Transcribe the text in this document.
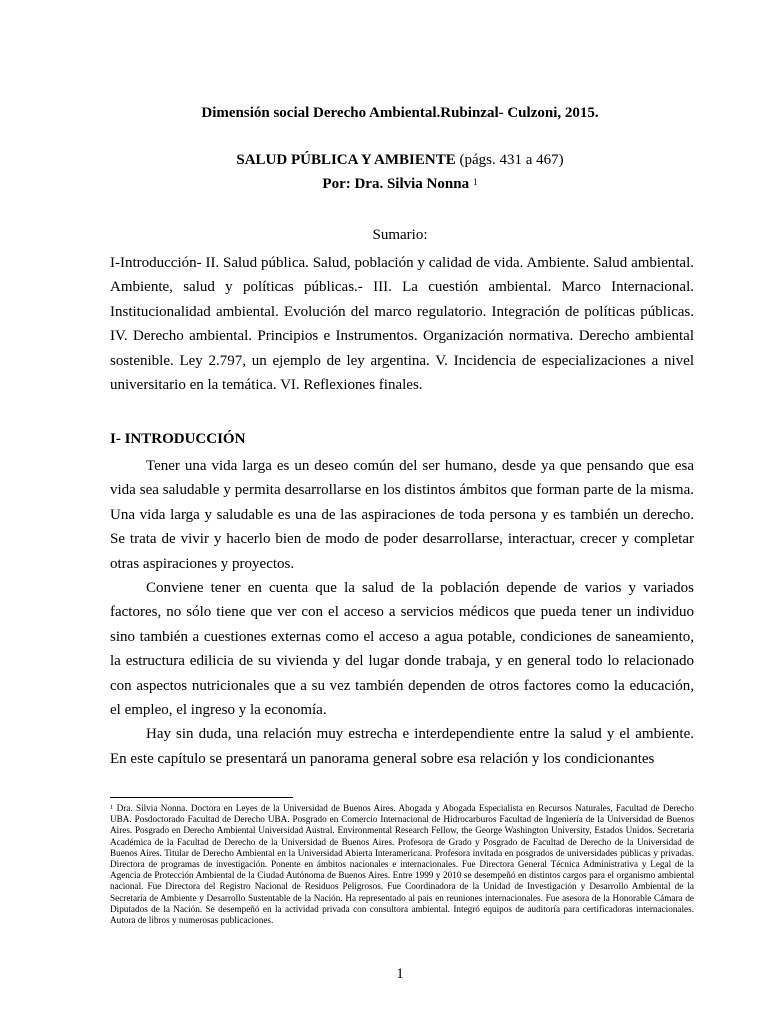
Dimensión social Derecho Ambiental.Rubinzal- Culzoni, 2015.
SALUD PÚBLICA Y AMBIENTE (págs. 431 a 467)
Por: Dra. Silvia Nonna $^1$
Sumario:
I-Introducción- II. Salud pública. Salud, población y calidad de vida. Ambiente. Salud ambiental. Ambiente, salud y políticas públicas.- III. La cuestión ambiental. Marco Internacional. Institucionalidad ambiental. Evolución del marco regulatorio. Integración de políticas públicas. IV. Derecho ambiental. Principios e Instrumentos. Organización normativa. Derecho ambiental sostenible. Ley 2.797, un ejemplo de ley argentina. V. Incidencia de especializaciones a nivel universitario en la temática. VI. Reflexiones finales.
I- INTRODUCCIÓN

Tener una vida larga es un deseo común del ser humano, desde ya que pensando que esa vida sea saludable y permita desarrollarse en los distintos ámbitos que forman parte de la misma. Una vida larga y saludable es una de las aspiraciones de toda persona y es también un derecho. Se trata de vivir y hacerlo bien de modo de poder desarrollarse, interactuar, crecer y completar otras aspiraciones y proyectos.

Conviene tener en cuenta que la salud de la población depende de varios y variados factores, no sólo tiene que ver con el acceso a servicios médicos que pueda tener un individuo sino también a cuestiones externas como el acceso a agua potable, condiciones de saneamiento, la estructura edilicia de su vivienda y del lugar donde trabaja, y en general todo lo relacionado con aspectos nutricionales que a su vez también dependen de otros factores como la educación, el empleo, el ingreso y la economía.

Hay sin duda, una relación muy estrecha e interdependiente entre la salud y el ambiente. En este capítulo se presentará un panorama general sobre esa relación y los condicionantes

$^1$ Dra. Silvia Nonna. Doctora en Leyes de la Universidad de Buenos Aires. Abogada y Abogada Especialista en Recursos Naturales, Facultad de Derecho UBA. Posdoctorado Facultad de Derecho UBA. Posgrado en Comercio Internacional de Hidrocarburos Facultad de Ingeniería de la Universidad de Buenos Aires. Posgrado en Derecho Ambiental Universidad Austral. Environmental Research Fellow, the George Washington University, Estados Unidos. Secretaria Académica de la Facultad de Derecho de la Universidad de Buenos Aires. Profesora de Grado y Posgrado de Facultad de Derecho de la Universidad de Buenos Aires. Titular de Derecho Ambiental en la Universidad Abierta Interamericana. Profesora invitada en posgrados de universidades públicas y privadas. Directora de programas de investigación. Ponente en ámbitos nacionales e internacionales. Fue Directora General Técnica Administrativa y Legal de la Agencia de Protección Ambiental de la Ciudad Autónoma de Buenos Aires. Entre 1999 y 2010 se desempeñó en distintos cargos para el organismo ambiental nacional. Fue Directora del Registro Nacional de Residuos Peligrosos. Fue Coordinadora de la Unidad de Investigación y Desarrollo Ambiental de la Secretaría de Ambiente y Desarrollo Sustentable de la Nación. Ha representado al país en reuniones internacionales. Fue asesora de la Honorable Cámara de Diputados de la Nación. Se desempeñó en la actividad privada con consultora ambiental. Integró equipos de auditoría para certificadoras internacionales. Autora de libros y numerosas publicaciones.
1
